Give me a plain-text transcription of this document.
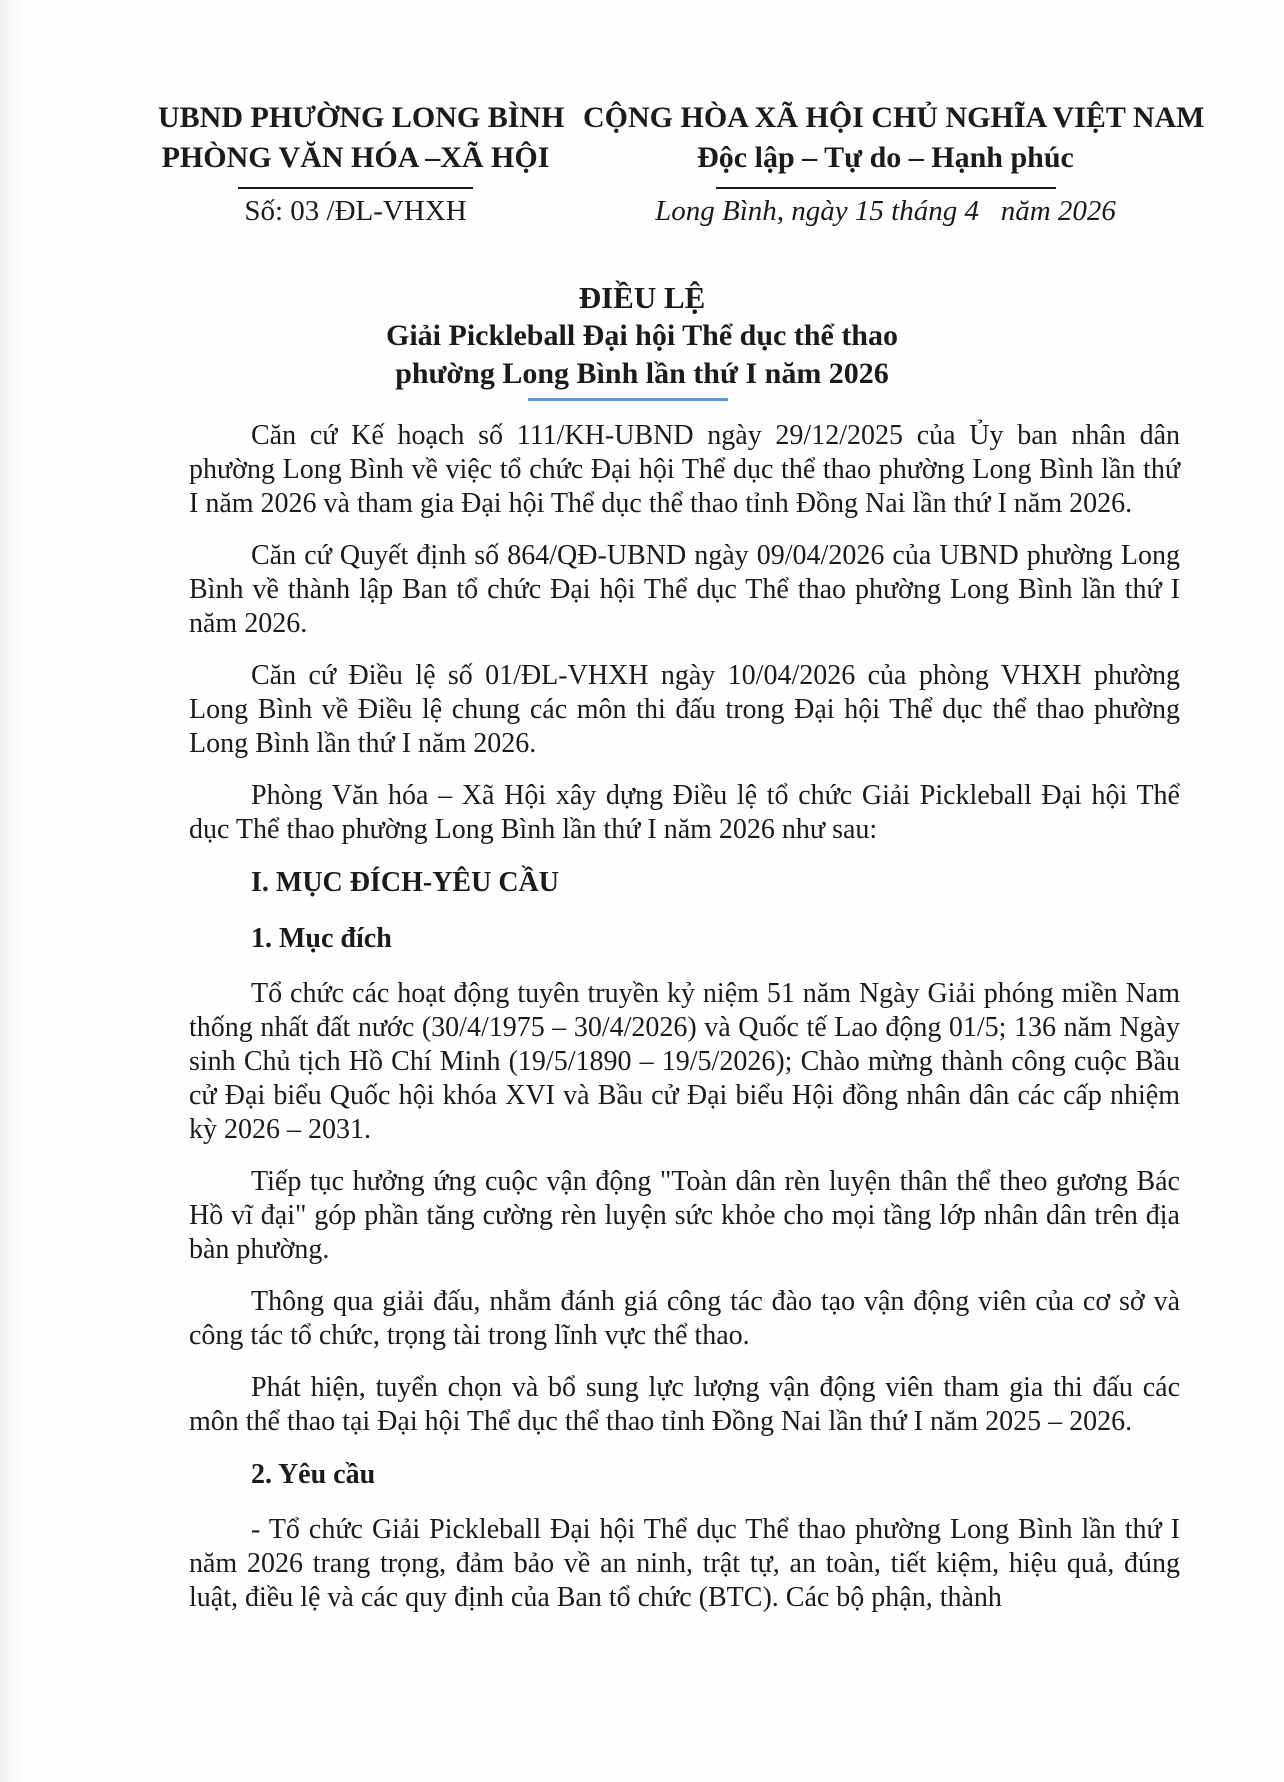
UBND PHƯỜNG LONG BÌNH
PHÒNG VĂN HÓA –XÃ HỘI
Số: 03 /ĐL-VHXH
CỘNG HÒA XÃ HỘI CHỦ NGHĨA VIỆT NAM
Độc lập – Tự do – Hạnh phúc
Long Bình, ngày 15 tháng 4   năm 2026
ĐIỀU LỆ
Giải Pickleball Đại hội Thể dục thể thao
phường Long Bình lần thứ I năm 2026

Căn cứ Kế hoạch số 111/KH-UBND ngày 29/12/2025 của Ủy ban nhân dân phường Long Bình về việc tổ chức Đại hội Thể dục thể thao phường Long Bình lần thứ I năm 2026 và tham gia Đại hội Thể dục thể thao tỉnh Đồng Nai lần thứ I năm 2026.

Căn cứ Quyết định số 864/QĐ-UBND ngày 09/04/2026 của UBND phường Long Bình về thành lập Ban tổ chức Đại hội Thể dục Thể thao phường Long Bình lần thứ I năm 2026.

Căn cứ Điều lệ số 01/ĐL-VHXH ngày 10/04/2026 của phòng VHXH phường Long Bình về Điều lệ chung các môn thi đấu trong Đại hội Thể dục thể thao phường Long Bình lần thứ I năm 2026.

Phòng Văn hóa – Xã Hội xây dựng Điều lệ tổ chức Giải Pickleball Đại hội Thể dục Thể thao phường Long Bình lần thứ I năm 2026 như sau:

I. MỤC ĐÍCH-YÊU CẦU
1. Mục đích

Tổ chức các hoạt động tuyên truyền kỷ niệm 51 năm Ngày Giải phóng miền Nam thống nhất đất nước (30/4/1975 – 30/4/2026) và Quốc tế Lao động 01/5; 136 năm Ngày sinh Chủ tịch Hồ Chí Minh (19/5/1890 – 19/5/2026); Chào mừng thành công cuộc Bầu cử Đại biểu Quốc hội khóa XVI và Bầu cử Đại biểu Hội đồng nhân dân các cấp nhiệm kỳ 2026 – 2031.

Tiếp tục hưởng ứng cuộc vận động "Toàn dân rèn luyện thân thể theo gương Bác Hồ vĩ đại" góp phần tăng cường rèn luyện sức khỏe cho mọi tầng lớp nhân dân trên địa bàn phường.

Thông qua giải đấu, nhằm đánh giá công tác đào tạo vận động viên của cơ sở và công tác tổ chức, trọng tài trong lĩnh vực thể thao.

Phát hiện, tuyển chọn và bổ sung lực lượng vận động viên tham gia thi đấu các môn thể thao tại Đại hội Thể dục thể thao tỉnh Đồng Nai lần thứ I năm 2025 – 2026.

2. Yêu cầu

- Tổ chức Giải Pickleball Đại hội Thể dục Thể thao phường Long Bình lần thứ I năm 2026 trang trọng, đảm bảo về an ninh, trật tự, an toàn, tiết kiệm, hiệu quả, đúng luật, điều lệ và các quy định của Ban tổ chức (BTC). Các bộ phận, thành
